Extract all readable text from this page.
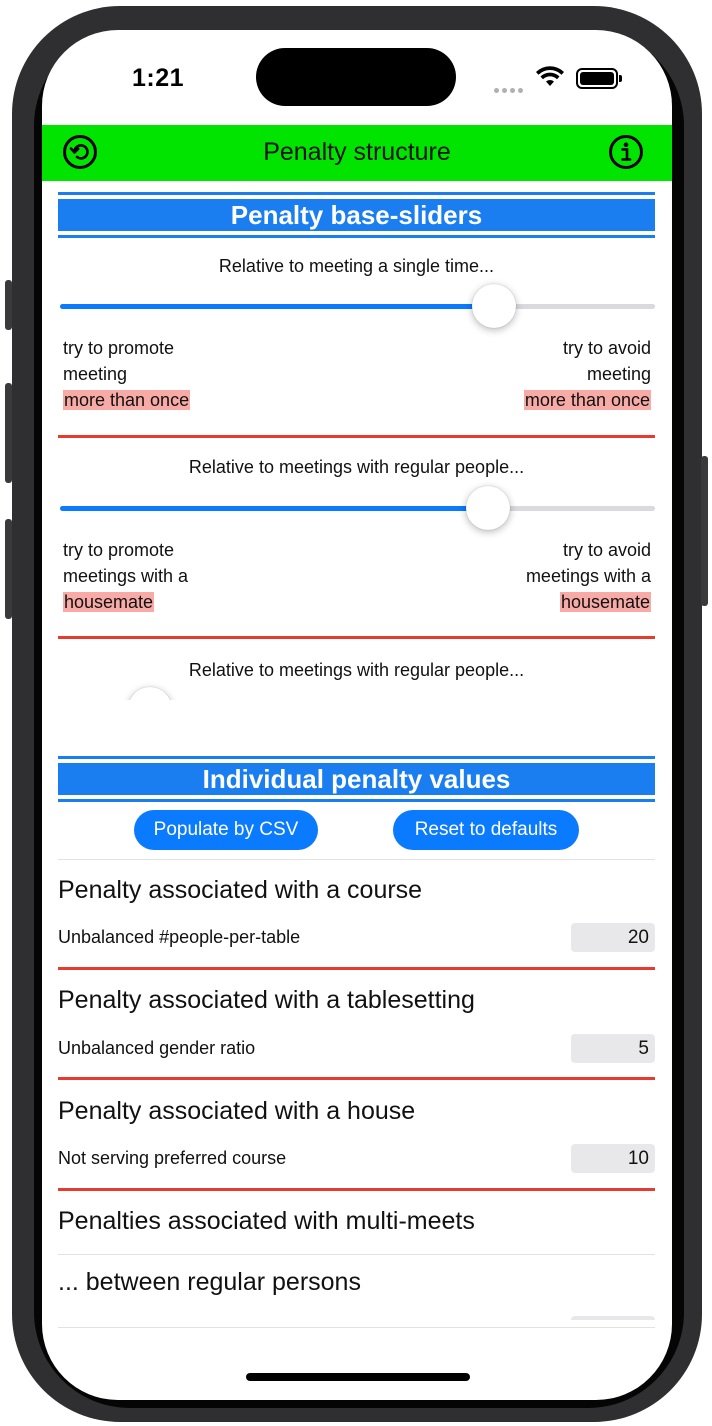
1:21
Penalty structure
Penalty base-sliders
Relative to meeting a single time...
try to promote
meeting
more than once
try to avoid
meeting
more than once
Relative to meetings with regular people...
try to promote
meetings with a
housemate
try to avoid
meetings with a
housemate
Relative to meetings with regular people...
Individual penalty values
Populate by CSV	Reset to defaults
Penalty associated with a course
Unbalanced #people-per-table	20
Penalty associated with a tablesetting
Unbalanced gender ratio	5
Penalty associated with a house
Not serving preferred course	10
Penalties associated with multi-meets
... between regular persons
